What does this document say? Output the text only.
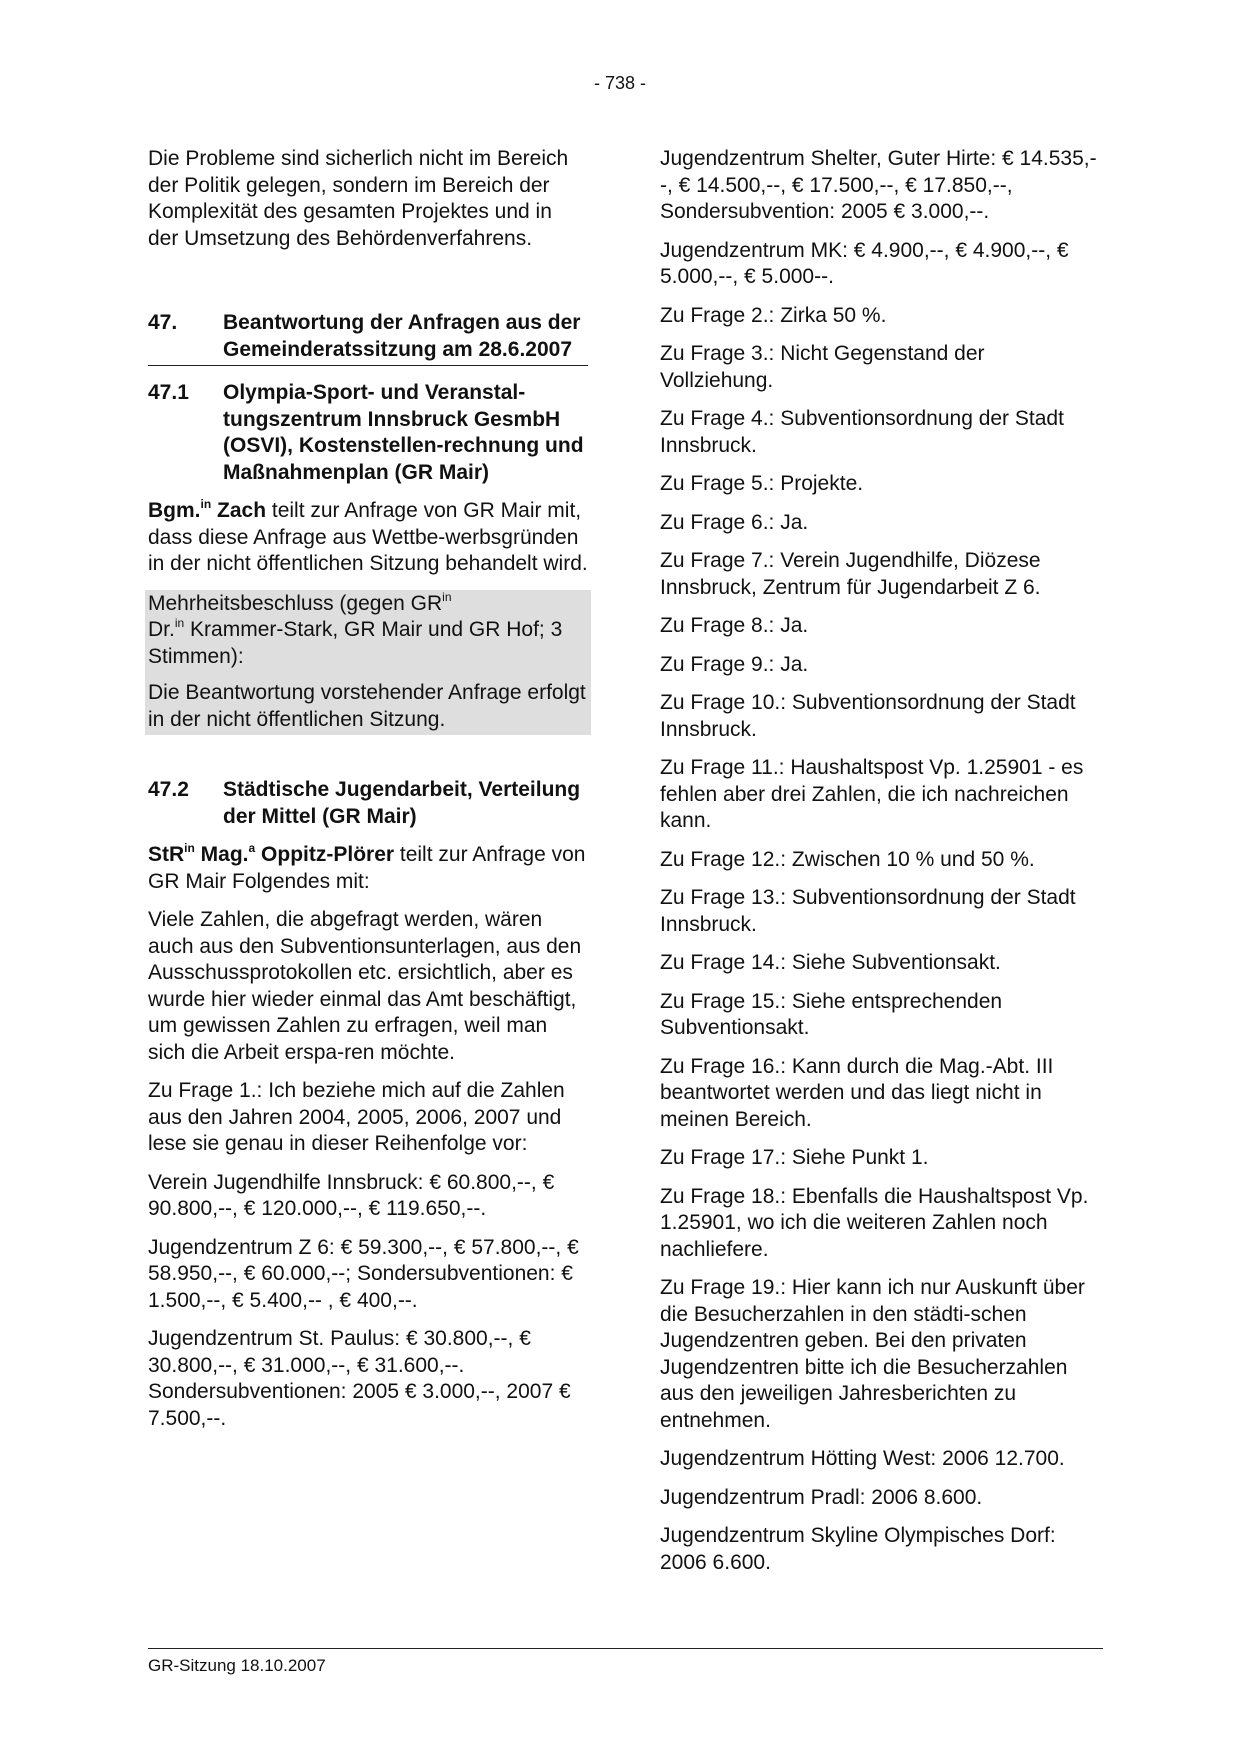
- 738 -

Die Probleme sind sicherlich nicht im Bereich der Politik gelegen, sondern im Bereich der Komplexität des gesamten Projektes und in der Umsetzung des Behördenverfahrens.

47.	Beantwortung der Anfragen aus der Gemeinderatssitzung am 28.6.2007
47.1	Olympia-Sport- und Veranstal-tungszentrum Innsbruck GesmbH (OSVI), Kostenstellen-rechnung und Maßnahmenplan (GR Mair)

Bgm.$^{in}$ Zach teilt zur Anfrage von GR Mair mit, dass diese Anfrage aus Wettbe-werbsgründen in der nicht öffentlichen Sitzung behandelt wird.

Mehrheitsbeschluss (gegen $GR^{in}$
Dr.$^{in}$ Krammer-Stark, GR Mair und GR Hof; 3 Stimmen):

Die Beantwortung vorstehender Anfrage erfolgt in der nicht öffentlichen Sitzung.

47.2	Städtische Jugendarbeit, Verteilung der Mittel (GR Mair)

StR$^{in}$ Mag.$^a$ Oppitz-Plörer teilt zur Anfrage von GR Mair Folgendes mit:

Viele Zahlen, die abgefragt werden, wären auch aus den Subventionsunterlagen, aus den Ausschussprotokollen etc. ersichtlich, aber es wurde hier wieder einmal das Amt beschäftigt, um gewissen Zahlen zu erfragen, weil man sich die Arbeit erspa-ren möchte.

Zu Frage 1.: Ich beziehe mich auf die Zahlen aus den Jahren 2004, 2005, 2006, 2007 und lese sie genau in dieser Reihenfolge vor:

Verein Jugendhilfe Innsbruck: € 60.800,--, € 90.800,--, € 120.000,--, € 119.650,--.

Jugendzentrum Z 6: € 59.300,--, € 57.800,--, € 58.950,--, € 60.000,--; Sondersubventionen: € 1.500,--, € 5.400,-- , € 400,--.

Jugendzentrum St. Paulus: € 30.800,--, € 30.800,--, € 31.000,--, € 31.600,--. Sondersubventionen: 2005 € 3.000,--, 2007 € 7.500,--.

Jugendzentrum Shelter, Guter Hirte: € 14.535,--, € 14.500,--, € 17.500,--, € 17.850,--, Sondersubvention: 2005 € 3.000,--.

Jugendzentrum MK: € 4.900,--, € 4.900,--, € 5.000,--, € 5.000--.

Zu Frage 2.: Zirka 50 %.

Zu Frage 3.: Nicht Gegenstand der Vollziehung.

Zu Frage 4.: Subventionsordnung der Stadt Innsbruck.

Zu Frage 5.: Projekte.

Zu Frage 6.: Ja.

Zu Frage 7.: Verein Jugendhilfe, Diözese Innsbruck, Zentrum für Jugendarbeit Z 6.

Zu Frage 8.: Ja.

Zu Frage 9.: Ja.

Zu Frage 10.: Subventionsordnung der Stadt Innsbruck.

Zu Frage 11.: Haushaltspost Vp. 1.25901 - es fehlen aber drei Zahlen, die ich nachreichen kann.

Zu Frage 12.: Zwischen 10 % und 50 %.

Zu Frage 13.: Subventionsordnung der Stadt Innsbruck.

Zu Frage 14.: Siehe Subventionsakt.

Zu Frage 15.: Siehe entsprechenden Subventionsakt.

Zu Frage 16.: Kann durch die Mag.-Abt. III beantwortet werden und das liegt nicht in meinen Bereich.

Zu Frage 17.: Siehe Punkt 1.

Zu Frage 18.: Ebenfalls die Haushaltspost Vp. 1.25901, wo ich die weiteren Zahlen noch nachliefere.

Zu Frage 19.: Hier kann ich nur Auskunft über die Besucherzahlen in den städti-schen Jugendzentren geben. Bei den privaten Jugendzentren bitte ich die Besucherzahlen aus den jeweiligen Jahresberichten zu entnehmen.

Jugendzentrum Hötting West: 2006 12.700.

Jugendzentrum Pradl: 2006 8.600.

Jugendzentrum Skyline Olympisches Dorf: 2006 6.600.

GR-Sitzung 18.10.2007
